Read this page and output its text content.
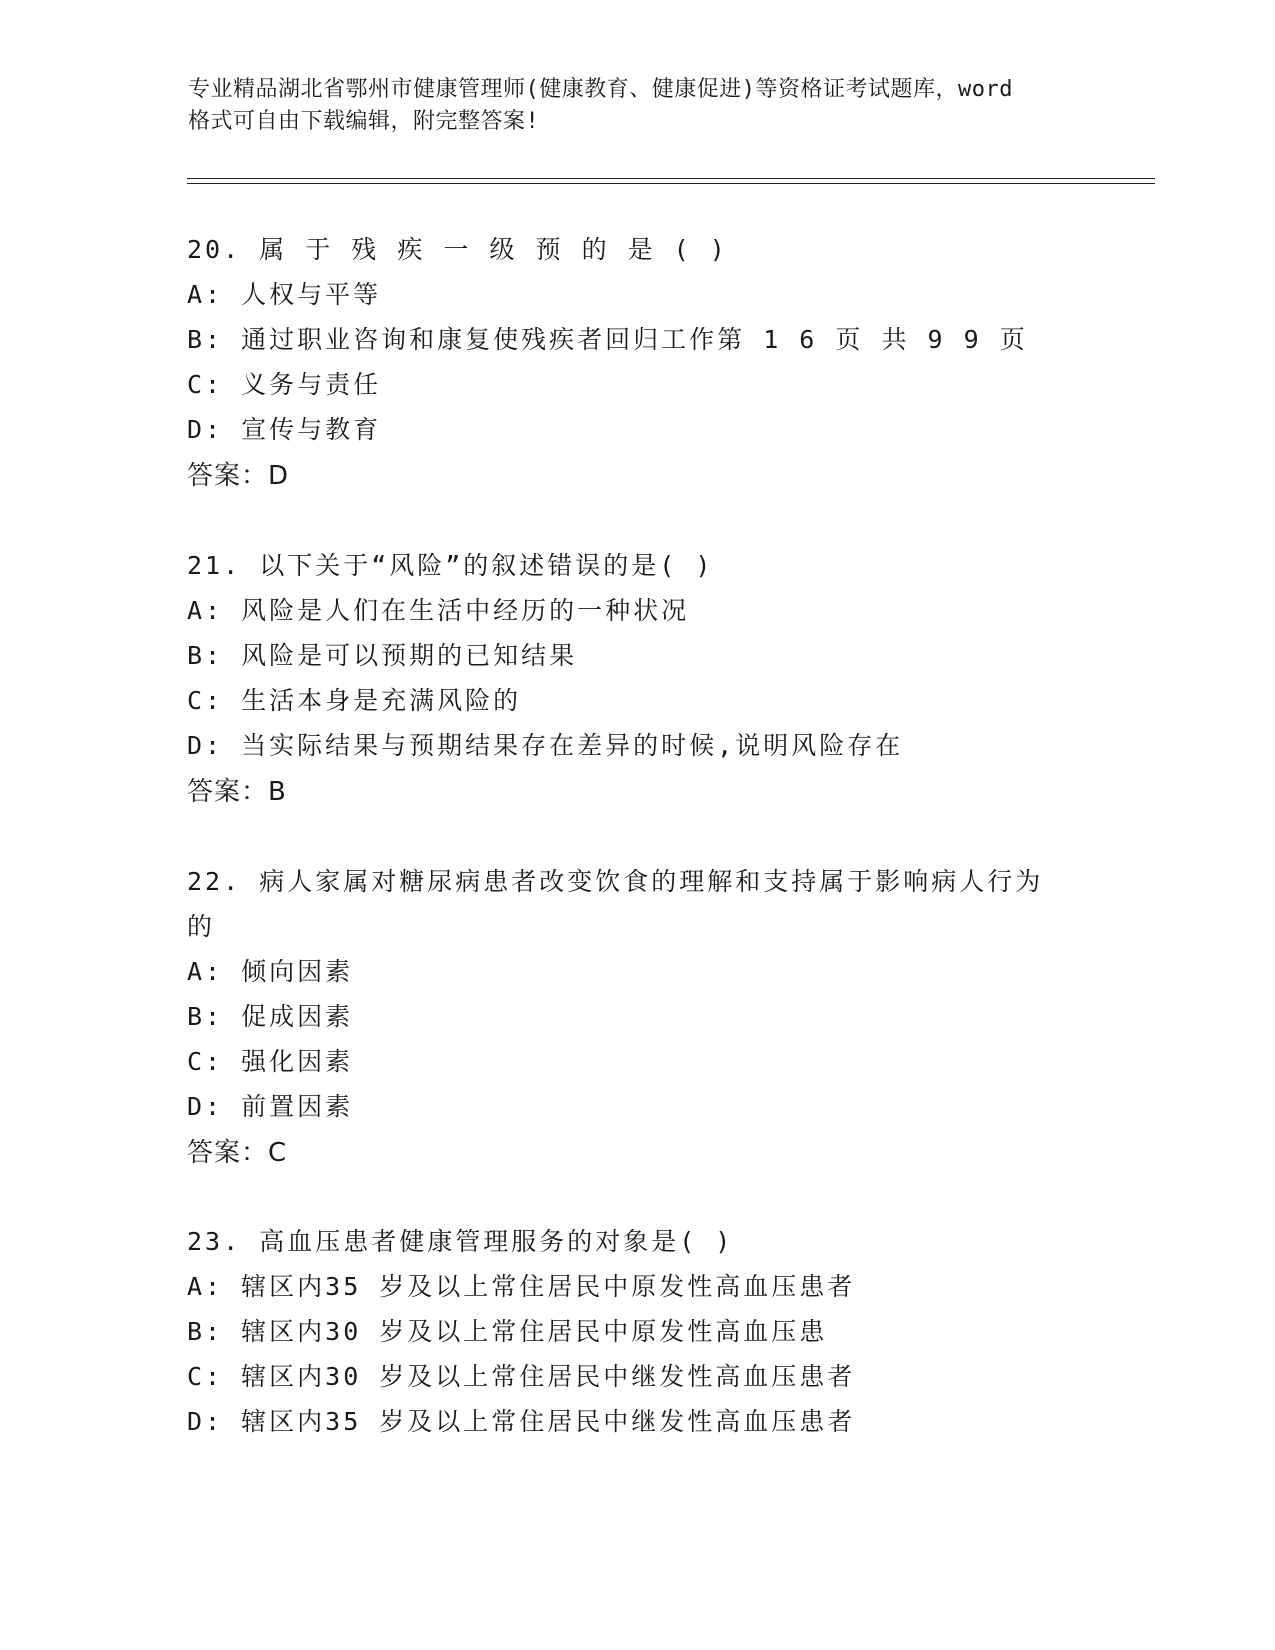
专业精品湖北省鄂州市健康管理师(健康教育、健康促进)等资格证考试题库，word
格式可自由下载编辑，附完整答案!
20. 属 于 残 疾 一 级 预 的 是 ( )
A: 人权与平等
B: 通过职业咨询和康复使残疾者回归工作第 1 6 页 共 9 9 页
C: 义务与责任
D: 宣传与教育
答案：D
21. 以下关于“风险”的叙述错误的是( )
A: 风险是人们在生活中经历的一种状况
B: 风险是可以预期的已知结果
C: 生活本身是充满风险的
D: 当实际结果与预期结果存在差异的时候,说明风险存在
答案：B
22. 病人家属对糖尿病患者改变饮食的理解和支持属于影响病人行为
的
A: 倾向因素
B: 促成因素
C: 强化因素
D: 前置因素
答案：C
23. 高血压患者健康管理服务的对象是( )
A: 辖区内35 岁及以上常住居民中原发性高血压患者
B: 辖区内30 岁及以上常住居民中原发性高血压患
C: 辖区内30 岁及以上常住居民中继发性高血压患者
D: 辖区内35 岁及以上常住居民中继发性高血压患者
